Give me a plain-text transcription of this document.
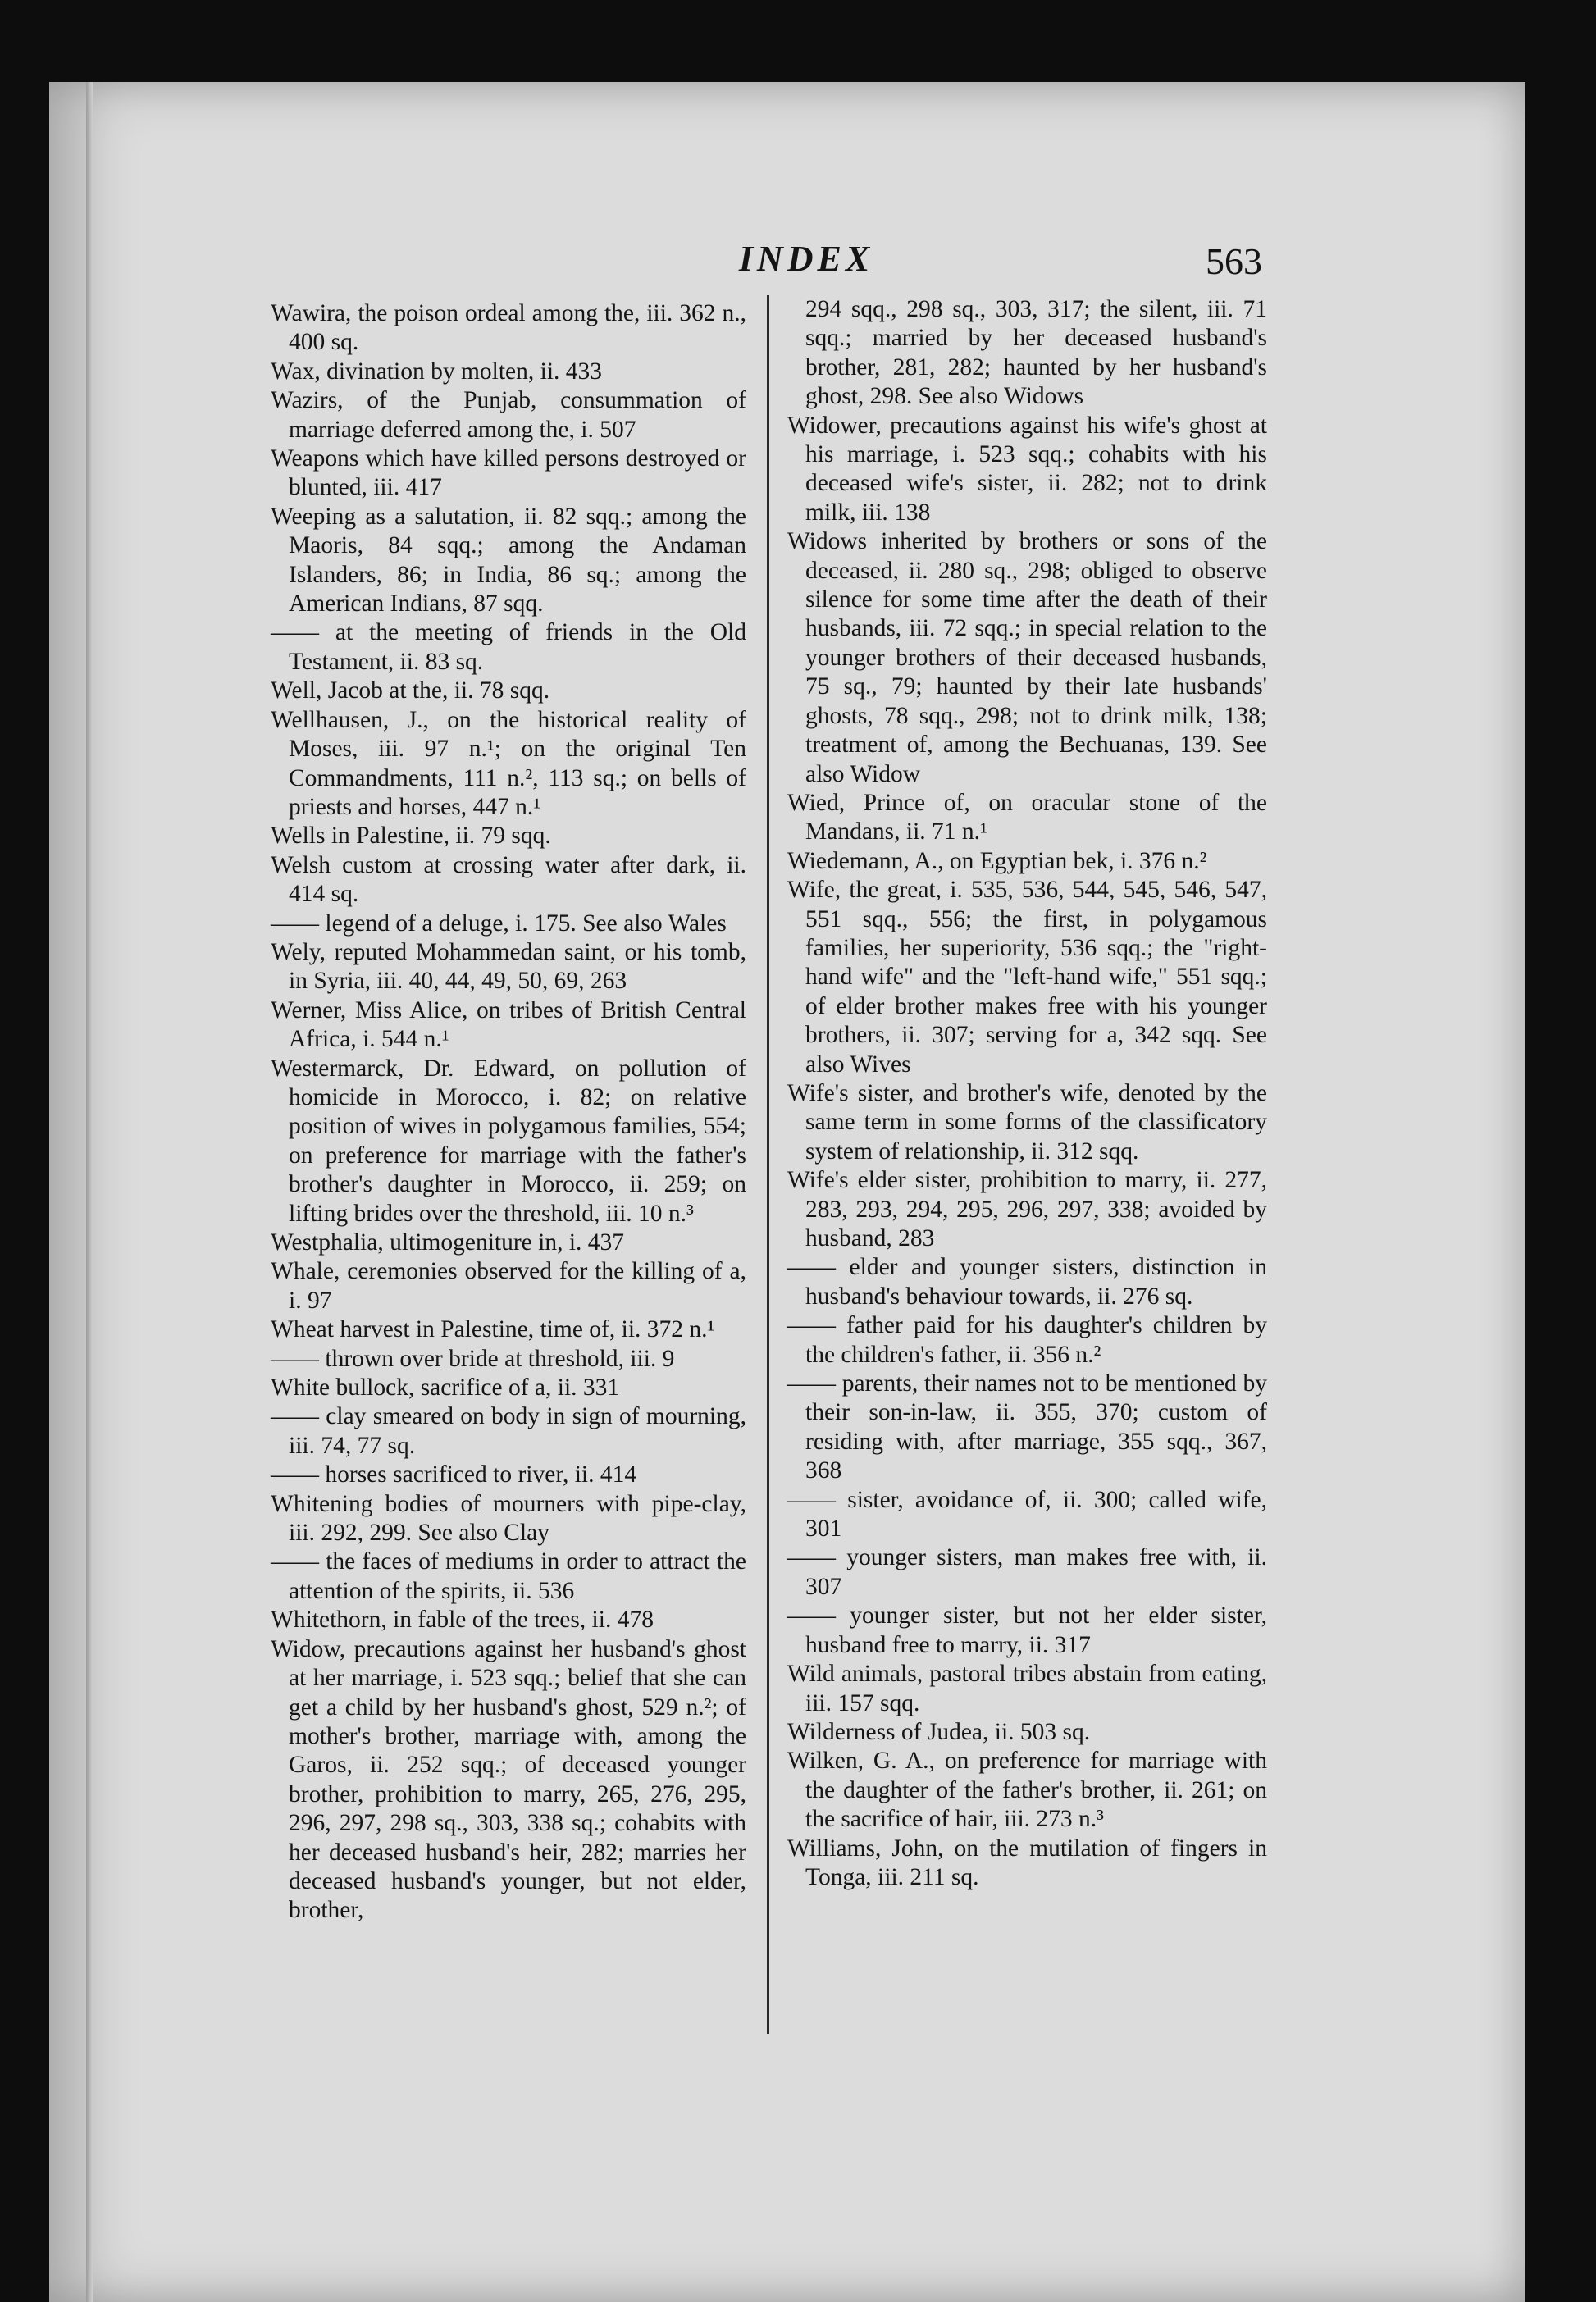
INDEX	563

Wawira, the poison ordeal among the, iii. 362 n., 400 sq.

Wax, divination by molten, ii. 433

Wazirs, of the Punjab, consummation of marriage deferred among the, i. 507

Weapons which have killed persons destroyed or blunted, iii. 417

Weeping as a salutation, ii. 82 sqq.; among the Maoris, 84 sqq.; among the Andaman Islanders, 86; in India, 86 sq.; among the American Indians, 87 sqq.

—— at the meeting of friends in the Old Testament, ii. 83 sq.

Well, Jacob at the, ii. 78 sqq.

Wellhausen, J., on the historical reality of Moses, iii. 97 n.¹; on the original Ten Commandments, 111 n.², 113 sq.; on bells of priests and horses, 447 n.¹

Wells in Palestine, ii. 79 sqq.

Welsh custom at crossing water after dark, ii. 414 sq.

—— legend of a deluge, i. 175. See also Wales

Wely, reputed Mohammedan saint, or his tomb, in Syria, iii. 40, 44, 49, 50, 69, 263

Werner, Miss Alice, on tribes of British Central Africa, i. 544 n.¹

Westermarck, Dr. Edward, on pollution of homicide in Morocco, i. 82; on relative position of wives in polygamous families, 554; on preference for marriage with the father's brother's daughter in Morocco, ii. 259; on lifting brides over the threshold, iii. 10 n.³

Westphalia, ultimogeniture in, i. 437

Whale, ceremonies observed for the killing of a, i. 97

Wheat harvest in Palestine, time of, ii. 372 n.¹

—— thrown over bride at threshold, iii. 9

White bullock, sacrifice of a, ii. 331

—— clay smeared on body in sign of mourning, iii. 74, 77 sq.

—— horses sacrificed to river, ii. 414

Whitening bodies of mourners with pipe-clay, iii. 292, 299. See also Clay

—— the faces of mediums in order to attract the attention of the spirits, ii. 536

Whitethorn, in fable of the trees, ii. 478

Widow, precautions against her husband's ghost at her marriage, i. 523 sqq.; belief that she can get a child by her husband's ghost, 529 n.²; of mother's brother, marriage with, among the Garos, ii. 252 sqq.; of deceased younger brother, prohibition to marry, 265, 276, 295, 296, 297, 298 sq., 303, 338 sq.; cohabits with her deceased husband's heir, 282; marries her deceased husband's younger, but not elder, brother,

294 sqq., 298 sq., 303, 317; the silent, iii. 71 sqq.; married by her deceased husband's brother, 281, 282; haunted by her husband's ghost, 298. See also Widows

Widower, precautions against his wife's ghost at his marriage, i. 523 sqq.; cohabits with his deceased wife's sister, ii. 282; not to drink milk, iii. 138

Widows inherited by brothers or sons of the deceased, ii. 280 sq., 298; obliged to observe silence for some time after the death of their husbands, iii. 72 sqq.; in special relation to the younger brothers of their deceased husbands, 75 sq., 79; haunted by their late husbands' ghosts, 78 sqq., 298; not to drink milk, 138; treatment of, among the Bechuanas, 139. See also Widow

Wied, Prince of, on oracular stone of the Mandans, ii. 71 n.¹

Wiedemann, A., on Egyptian bek, i. 376 n.²

Wife, the great, i. 535, 536, 544, 545, 546, 547, 551 sqq., 556; the first, in polygamous families, her superiority, 536 sqq.; the "right-hand wife" and the "left-hand wife," 551 sqq.; of elder brother makes free with his younger brothers, ii. 307; serving for a, 342 sqq. See also Wives

Wife's sister, and brother's wife, denoted by the same term in some forms of the classificatory system of relationship, ii. 312 sqq.

Wife's elder sister, prohibition to marry, ii. 277, 283, 293, 294, 295, 296, 297, 338; avoided by husband, 283

—— elder and younger sisters, distinction in husband's behaviour towards, ii. 276 sq.

—— father paid for his daughter's children by the children's father, ii. 356 n.²

—— parents, their names not to be mentioned by their son-in-law, ii. 355, 370; custom of residing with, after marriage, 355 sqq., 367, 368

—— sister, avoidance of, ii. 300; called wife, 301

—— younger sisters, man makes free with, ii. 307

—— younger sister, but not her elder sister, husband free to marry, ii. 317

Wild animals, pastoral tribes abstain from eating, iii. 157 sqq.

Wilderness of Judea, ii. 503 sq.

Wilken, G. A., on preference for marriage with the daughter of the father's brother, ii. 261; on the sacrifice of hair, iii. 273 n.³

Williams, John, on the mutilation of fingers in Tonga, iii. 211 sq.
